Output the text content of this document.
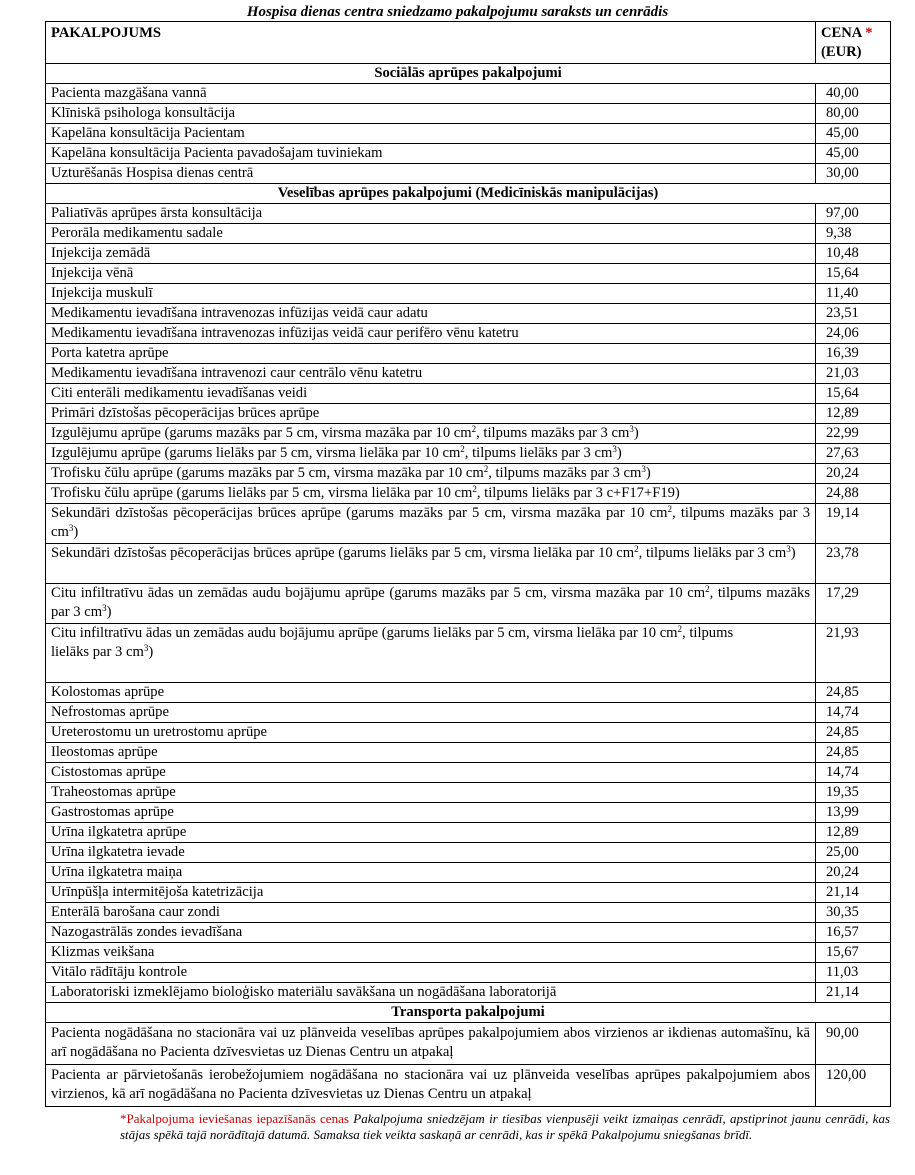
Hospisa dienas centra sniedzamo pakalpojumu saraksts un cenrādis
PAKALPOJUMS	CENA *
(EUR)
Sociālās aprūpes pakalpojumi	
Pacienta mazgāšana vannā	40,00
Klīniskā psihologa konsultācija	80,00
Kapelāna konsultācija Pacientam	45,00
Kapelāna konsultācija Pacienta pavadošajam tuviniekam	45,00
Uzturēšanās Hospisa dienas centrā	30,00
Veselības aprūpes pakalpojumi (Medicīniskās manipulācijas)	
Paliatīvās aprūpes ārsta konsultācija	97,00
Perorāla medikamentu sadale	9,38
Injekcija zemādā	10,48
Injekcija vēnā	15,64
Injekcija muskulī	11,40
Medikamentu ievadīšana intravenozas infūzijas veidā caur adatu	23,51
Medikamentu ievadīšana intravenozas infūzijas veidā caur perifēro vēnu katetru	24,06
Porta katetra aprūpe	16,39
Medikamentu ievadīšana intravenozi caur centrālo vēnu katetru	21,03
Citi enterāli medikamentu ievadīšanas veidi	15,64
Primāri dzīstošas pēcoperācijas brūces aprūpe	12,89
Izgulējumu aprūpe (garums mazāks par 5 cm, virsma mazāka par 10 $cm^2$, tilpums mazāks par 3 $cm^3$)	22,99
Izgulējumu aprūpe (garums lielāks par 5 cm, virsma lielāka par 10 $cm^2$, tilpums lielāks par 3 $cm^3$)	27,63
Trofisku čūlu aprūpe (garums mazāks par 5 cm, virsma mazāka par 10 $cm^2$, tilpums mazāks par 3 $cm^3$)	20,24
Trofisku čūlu aprūpe (garums lielāks par 5 cm, virsma lielāka par 10 $cm^2$, tilpums lielāks par 3 c+F17+F19)	24,88
Sekundāri dzīstošas pēcoperācijas brūces aprūpe (garums mazāks par 5 cm, virsma mazāka par 10 $cm^2$, tilpums mazāks par 3 $cm^3$)	19,14
Sekundāri dzīstošas pēcoperācijas brūces aprūpe (garums lielāks par 5 cm, virsma lielāka par 10 $cm^2$, tilpums lielāks par 3 $cm^3$)	23,78
Citu infiltratīvu ādas un zemādas audu bojājumu aprūpe (garums mazāks par 5 cm, virsma mazāka par 10 $cm^2$, tilpums mazāks par 3 $cm^3$)	17,29
Citu infiltratīvu ādas un zemādas audu bojājumu aprūpe (garums lielāks par 5 cm, virsma lielāka par 10 $cm^2$, tilpums
lielāks par 3 $cm^3$)	21,93
Kolostomas aprūpe	24,85
Nefrostomas aprūpe	14,74
Ureterostomu un uretrostomu aprūpe	24,85
Ileostomas aprūpe	24,85
Cistostomas aprūpe	14,74
Traheostomas aprūpe	19,35
Gastrostomas aprūpe	13,99
Urīna ilgkatetra aprūpe	12,89
Urīna ilgkatetra ievade	25,00
Urīna ilgkatetra maiņa	20,24
Urīnpūšļa intermitējoša katetrizācija	21,14
Enterālā barošana caur zondi	30,35
Nazogastrālās zondes ievadīšana	16,57
Klizmas veikšana	15,67
Vitālo rādītāju kontrole	11,03
Laboratoriski izmeklējamo bioloģisko materiālu savākšana un nogādāšana laboratorijā	21,14
Transporta pakalpojumi	
Pacienta nogādāšana no stacionāra vai uz plānveida veselības aprūpes pakalpojumiem abos virzienos ar ikdienas automašīnu, kā arī nogādāšana no Pacienta dzīvesvietas uz Dienas Centru un atpakaļ	90,00
Pacienta ar pārvietošanās ierobežojumiem nogādāšana no stacionāra vai uz plānveida veselības aprūpes pakalpojumiem abos virzienos, kā arī nogādāšana no Pacienta dzīvesvietas uz Dienas Centru un atpakaļ	120,00
*Pakalpojuma ieviešanas iepazīšanās cenas Pakalpojuma sniedzējam ir tiesības vienpusēji veikt izmaiņas cenrādī, apstiprinot jaunu cenrādi, kas stājas spēkā tajā norādītajā datumā. Samaksa tiek veikta saskaņā ar cenrādi, kas ir spēkā Pakalpojumu sniegšanas brīdī.
